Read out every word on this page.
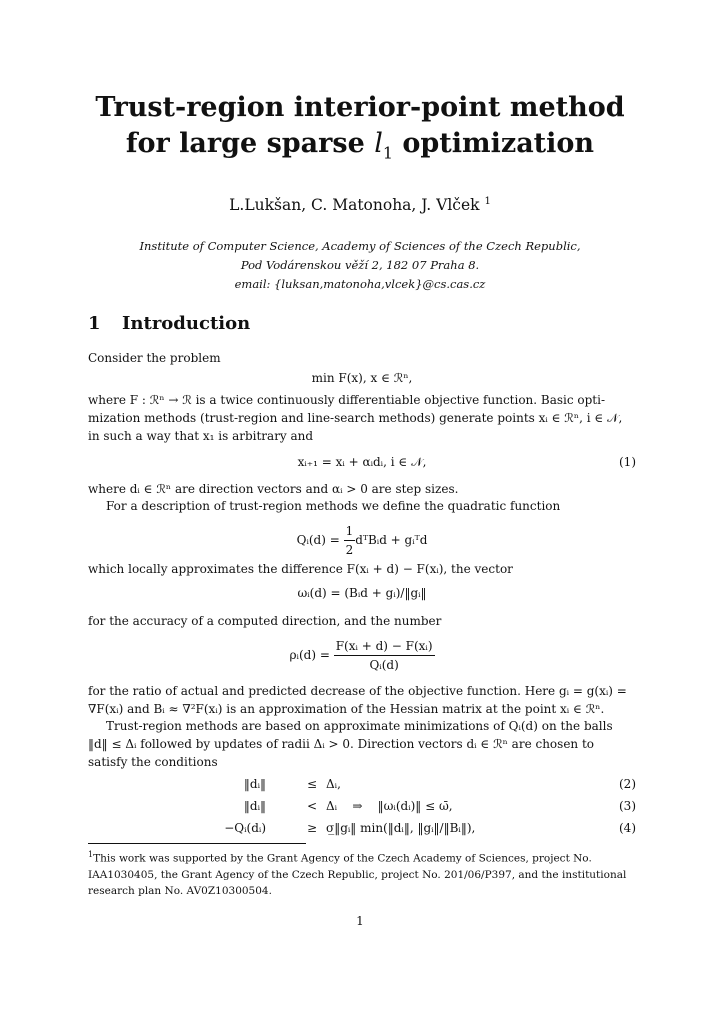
Trust-region interior-point method
for large sparse $l_1$ optimization
L.Lukšan, C. Matonoha, J. Vlček $^1$
Institute of Computer Science, Academy of Sciences of the Czech Republic,
Pod Vodárenskou věží 2, 182 07 Praha 8.
email: {luksan,matonoha,vlcek}@cs.cas.cz
1 Introduction
Consider the problem
min F(x), x ∈ ℛⁿ,
where F : ℛⁿ → ℛ is a twice continuously differentiable objective function. Basic opti-
mization methods (trust-region and line-search methods) generate points xᵢ ∈ ℛⁿ, i ∈ 𝒩,
in such a way that x₁ is arbitrary and
xᵢ₊₁ = xᵢ + αᵢdᵢ, i ∈ 𝒩,	(1)
where dᵢ ∈ ℛⁿ are direction vectors and αᵢ > 0 are step sizes.
For a description of trust-region methods we define the quadratic function
Qᵢ(d) = $\frac{1}{2}$ dᵀBᵢd + gᵢᵀd
which locally approximates the difference F(xᵢ + d) − F(xᵢ), the vector
ωᵢ(d) = (Bᵢd + gᵢ)/‖gᵢ‖
for the accuracy of a computed direction, and the number
ρᵢ(d) = $\frac{\text{F(xᵢ + d) − F(xᵢ)}}{\text{Qᵢ(d)}}$
for the ratio of actual and predicted decrease of the objective function. Here gᵢ = g(xᵢ) =
∇F(xᵢ) and Bᵢ ≈ ∇²F(xᵢ) is an approximation of the Hessian matrix at the point xᵢ ∈ ℛⁿ.
Trust-region methods are based on approximate minimizations of Qᵢ(d) on the balls
‖d‖ ≤ Δᵢ followed by updates of radii Δᵢ > 0. Direction vectors dᵢ ∈ ℛⁿ are chosen to
satisfy the conditions
‖dᵢ‖	≤ Δᵢ,	(2)
‖dᵢ‖	< Δᵢ    ⇒    ‖ωᵢ(dᵢ)‖ ≤ ω̄,	(3)
−Qᵢ(dᵢ)	≥ σ̲‖gᵢ‖ min(‖dᵢ‖, ‖gᵢ‖/‖Bᵢ‖),	(4)
$^1$This work was supported by the Grant Agency of the Czech Academy of Sciences, project No. IAA1030405, the Grant Agency of the Czech Republic, project No. 201/06/P397, and the institutional research plan No. AV0Z10300504.
1
